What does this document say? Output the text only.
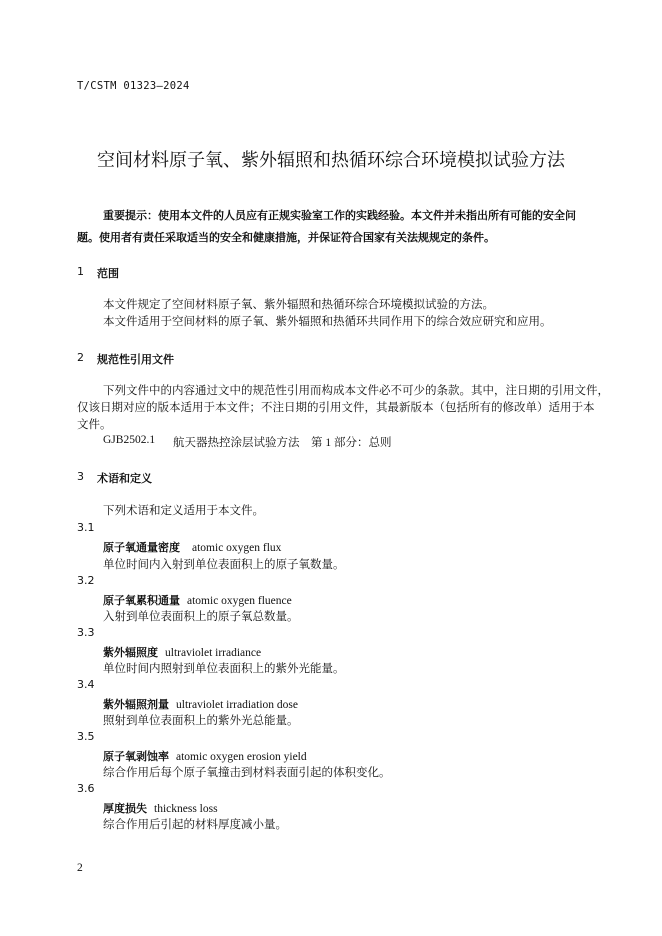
T/CSTM 01323—2024
空间材料原子氧、紫外辐照和热循环综合环境模拟试验方法
重要提示：使用本文件的人员应有正规实验室工作的实践经验。本文件并未指出所有可能的安全问
题。使用者有责任采取适当的安全和健康措施，并保证符合国家有关法规规定的条件。
1 范围
本文件规定了空间材料原子氧、紫外辐照和热循环综合环境模拟试验的方法。
本文件适用于空间材料的原子氧、紫外辐照和热循环共同作用下的综合效应研究和应用。
2 规范性引用文件
下列文件中的内容通过文中的规范性引用而构成本文件必不可少的条款。其中，注日期的引用文件，
仅该日期对应的版本适用于本文件；不注日期的引用文件，其最新版本（包括所有的修改单）适用于本
文件。
GJB2502.1 航天器热控涂层试验方法　第 1 部分：总则
3 术语和定义
下列术语和定义适用于本文件。
3.1
原子氧通量密度 atomic oxygen flux
单位时间内入射到单位表面积上的原子氧数量。
3.2
原子氧累积通量 atomic oxygen fluence
入射到单位表面积上的原子氧总数量。
3.3
紫外辐照度 ultraviolet irradiance
单位时间内照射到单位表面积上的紫外光能量。
3.4
紫外辐照剂量 ultraviolet irradiation dose
照射到单位表面积上的紫外光总能量。
3.5
原子氧剥蚀率 atomic oxygen erosion yield
综合作用后每个原子氧撞击到材料表面引起的体积变化。
3.6
厚度损失 thickness loss
综合作用后引起的材料厚度减小量。
2
